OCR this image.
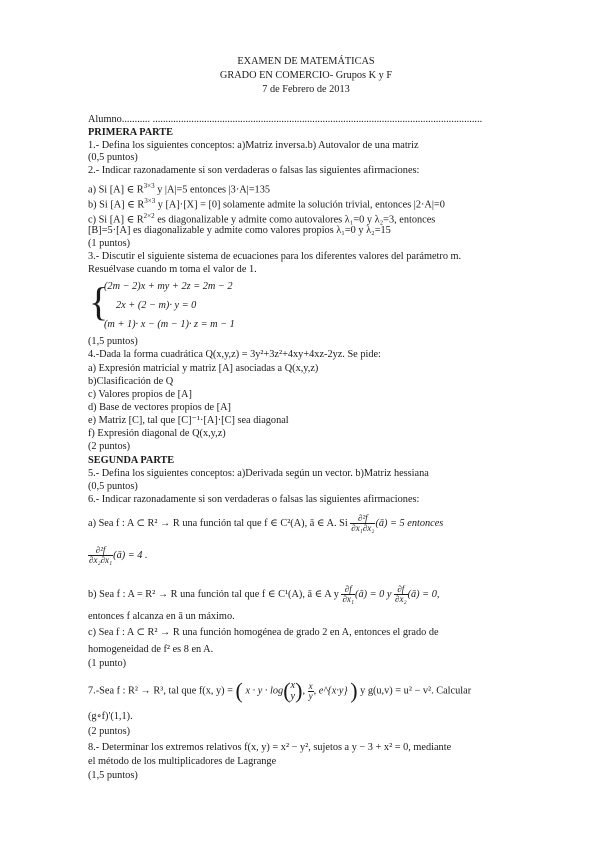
EXAMEN DE MATEMÁTICAS
GRADO EN COMERCIO- Grupos K y F
7 de Febrero de 2013
Alumno........... ................................................................................................................................
PRIMERA PARTE
1.- Defina los siguientes conceptos: a)Matriz inversa.b) Autovalor de una matriz
(0,5 puntos)
2.- Indicar razonadamente si son verdaderas o falsas las siguientes afirmaciones:
a) Si [A] ∈ $R^{3\times 3}$ y |A|=5 entonces |3·A|=135
b) Si [A] ∈ $R^{3\times 3}$ y [A]·[X] = [0] solamente admite la solución trivial, entonces |2·A|=0
c) Si [A] ∈ $R^{2\times 2}$ es diagonalizable y admite como autovalores λ₁=0 y λ₂=3, entonces
[B]=5·[A] es diagonalizable y admite como valores propios λ₁=0 y λ₂=15
(1 puntos)
3.- Discutir el siguiente sistema de ecuaciones para los diferentes valores del parámetro m.
Resuélvase cuando m toma el valor de 1.
{
(2m − 2)x + my + 2z = 2m − 2
2x + (2 − m)· y = 0
(m + 1)· x − (m − 1)· z = m − 1
(1,5 puntos)
4.-Dada la forma cuadrática Q(x,y,z) = 3y²+3z²+4xy+4xz-2yz. Se pide:
a) Expresión matricial y matriz [A] asociadas a Q(x,y,z)
b)Clasificación de Q
c) Valores propios de [A]
d) Base de vectores propios de [A]
e) Matriz [C], tal que [C]⁻¹·[A]·[C] sea diagonal
f) Expresión diagonal de Q(x,y,z)
(2 puntos)
SEGUNDA PARTE
5.- Defina los siguientes conceptos: a)Derivada según un vector. b)Matriz hessiana
(0,5 puntos)
6.- Indicar razonadamente si son verdaderas o falsas las siguientes afirmaciones:
a) Sea f : A ⊂ R² → R una función tal que f ∈ C²(A), ā ∈ A. Si $\frac{\text{∂²f}}{\text{∂x₁∂x₂}}$ (ā) = 5 entonces
$\frac{\text{∂²f}}{\text{∂x₂∂x₁}}$ (ā) = 4 .
b) Sea f : A = R² → R una función tal que f ∈ C¹(A), ā ∈ A y $\frac{\partial f}{\text{∂x₁}}$ (ā) = 0 y $\frac{\partial f}{\text{∂x₂}}$ (ā) = 0,
entonces f alcanza en ā un máximo.
c) Sea f : A ⊂ R² → R una función homogénea de grado 2 en A, entonces el grado de
homogeneidad de f² es 8 en A.
(1 punto)
7.-Sea f : R² → R³, tal que f(x, y) = ( x · y · log( x
y ), $\frac{x}{y}$ , e^{x·y} ) y g(u,v) = u² − v². Calcular
(g∘f)'(1,1).
(2 puntos)
8.- Determinar los extremos relativos f(x, y) = x² − y², sujetos a y − 3 + x² = 0, mediante
el método de los multiplicadores de Lagrange
(1,5 puntos)
